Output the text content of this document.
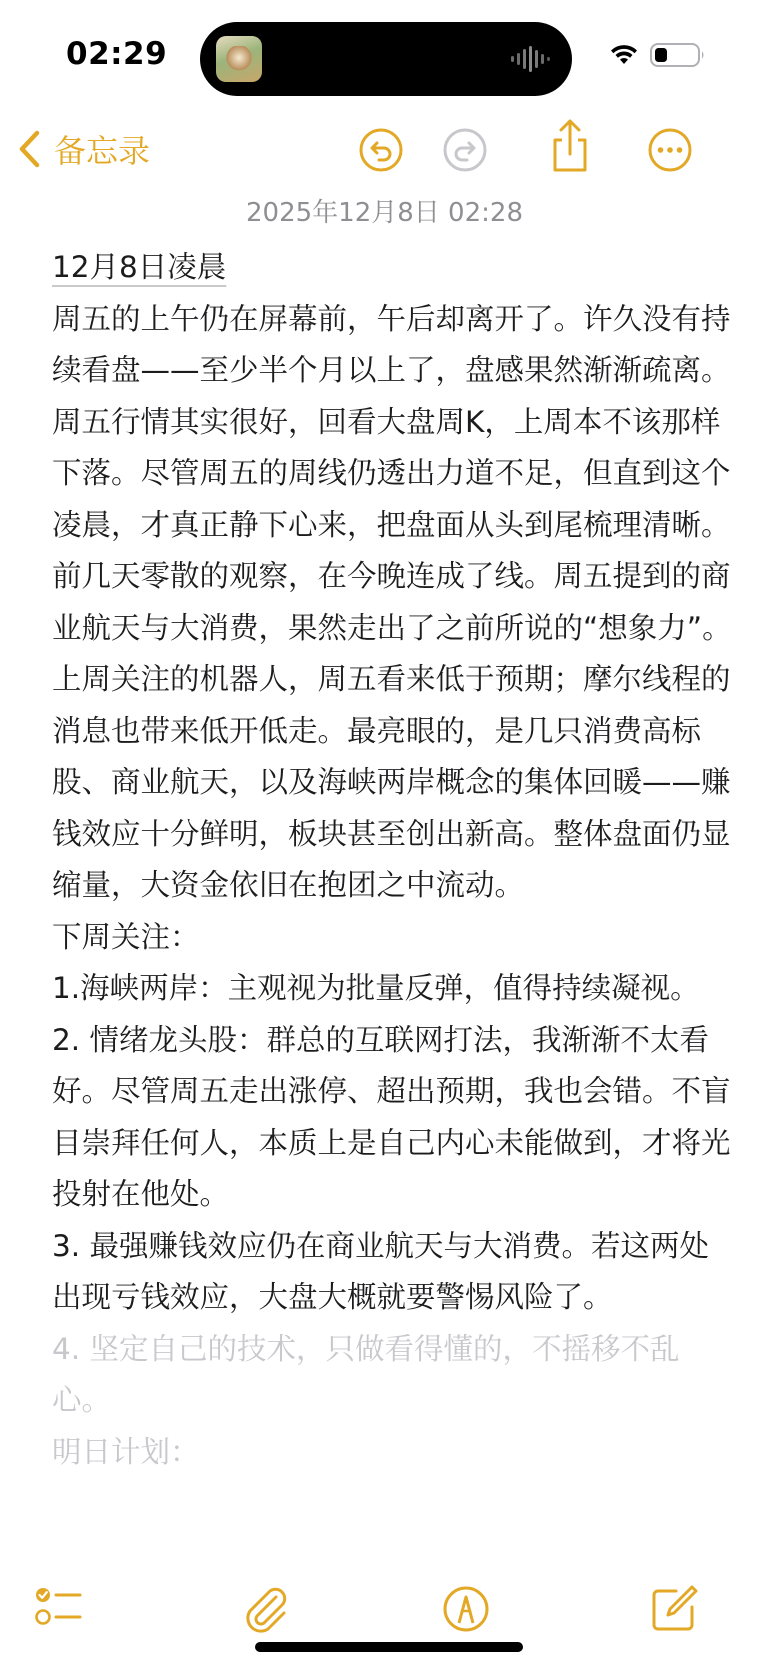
02:29
备忘录
2025年12月8日 02:28

12月8日凌晨

周五的上午仍在屏幕前，午后却离开了。许久没有持续看盘——至少半个月以上了，盘感果然渐渐疏离。周五行情其实很好，回看大盘周K，上周本不该那样下落。尽管周五的周线仍透出力道不足，但直到这个凌晨，才真正静下心来，把盘面从头到尾梳理清晰。

前几天零散的观察，在今晚连成了线。周五提到的商业航天与大消费，果然走出了之前所说的“想象力”。上周关注的机器人，周五看来低于预期；摩尔线程的消息也带来低开低走。最亮眼的，是几只消费高标股、商业航天，以及海峡两岸概念的集体回暖——赚钱效应十分鲜明，板块甚至创出新高。整体盘面仍显缩量，大资金依旧在抱团之中流动。

下周关注：

1.海峡两岸：主观视为批量反弹，值得持续凝视。

2. 情绪龙头股：群总的互联网打法，我渐渐不太看好。尽管周五走出涨停、超出预期，我也会错。不盲目崇拜任何人，本质上是自己内心未能做到，才将光投射在他处。

3. 最强赚钱效应仍在商业航天与大消费。若这两处出现亏钱效应，大盘大概就要警惕风险了。

4. 坚定自己的技术，只做看得懂的，不摇移不乱心。

明日计划：
